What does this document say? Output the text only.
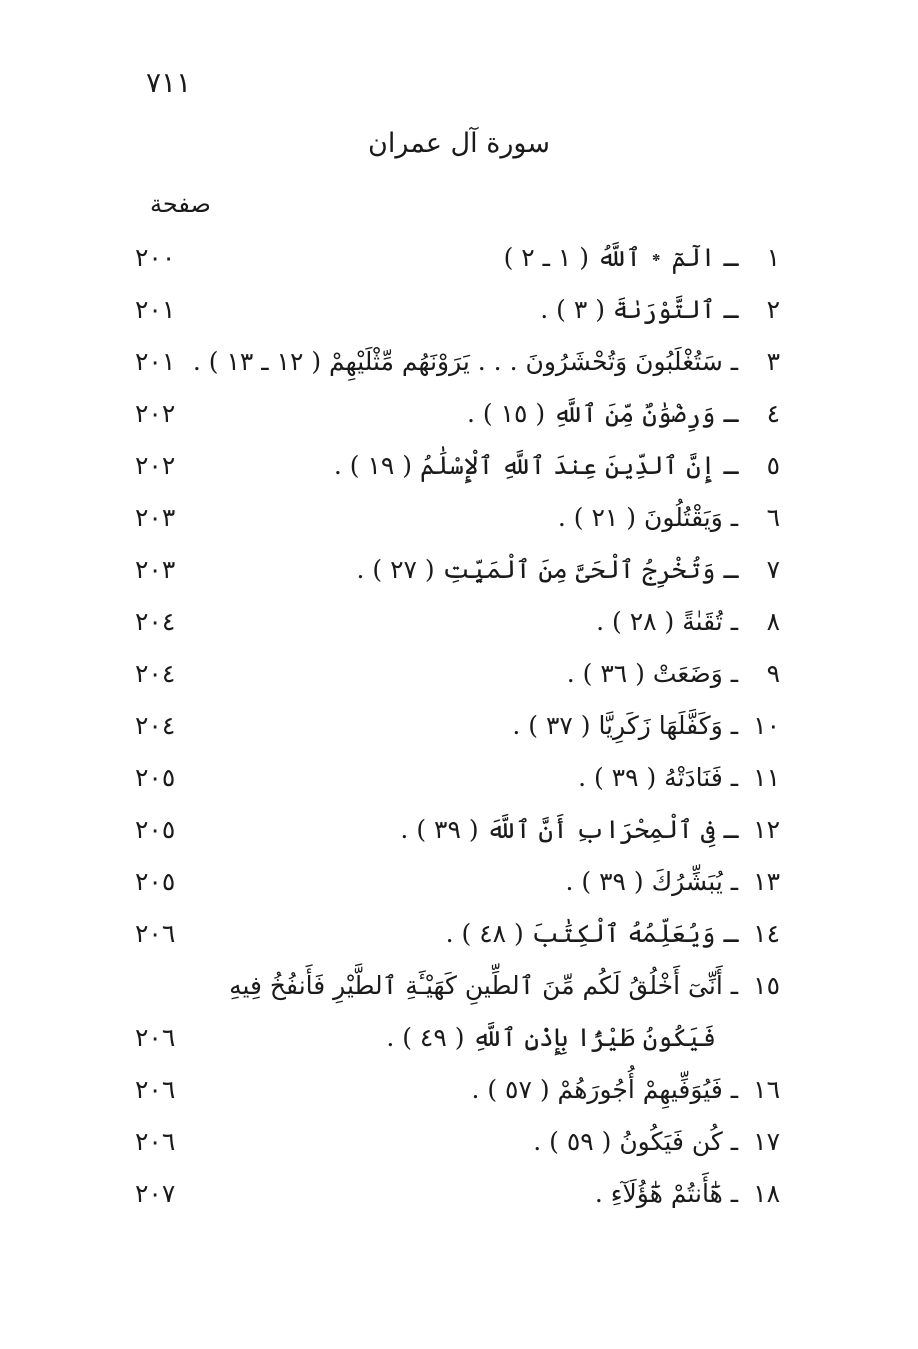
٧١١
سورة آل عمران
صفحة
١ ـ الٓمٓ ٭ ٱللَّهُ ( ١ ـ ٢ )
٢٠٠
٢ ـ ٱلتَّوْرَىٰةَ ( ٣ ) .
٢٠١
٣ ـ سَتُغْلَبُونَ وَتُحْشَرُونَ . . . يَرَوْنَهُم مِّثْلَيْهِمْ ( ١٢ ـ ١٣ ) .
٢٠١
٤ ـ وَرِضْوَٰنٌ مِّنَ ٱللَّهِ ( ١٥ ) .
٢٠٢
٥ ـ إِنَّ ٱلدِّينَ عِندَ ٱللَّهِ ٱلْإِسْلَٰمُ ( ١٩ ) .
٢٠٢
٦ ـ وَيَقْتُلُونَ ( ٢١ ) .
٢٠٣
٧ ـ وَتُخْرِجُ ٱلْحَىَّ مِنَ ٱلْمَيِّتِ ( ٢٧ ) .
٢٠٣
٨ ـ تُقَىٰةً ( ٢٨ ) .
٢٠٤
٩ ـ وَضَعَتْ ( ٣٦ ) .
٢٠٤
١٠ ـ وَكَفَّلَهَا زَكَرِيَّا ( ٣٧ ) .
٢٠٤
١١ ـ فَنَادَتْهُ ( ٣٩ ) .
٢٠٥
١٢ ـ فِى ٱلْمِحْرَابِ أَنَّ ٱللَّهَ ( ٣٩ ) .
٢٠٥
١٣ ـ يُبَشِّرُكَ ( ٣٩ ) .
٢٠٥
١٤ ـ وَيُعَلِّمُهُ ٱلْكِتَٰبَ ( ٤٨ ) .
٢٠٦
١٥ ـ أَنِّىٓ أَخْلُقُ لَكُم مِّنَ ٱلطِّينِ كَهَيْـَٔةِ ٱلطَّيْرِ فَأَنفُخُ فِيهِ
فَيَكُونُ طَيْرًۢا بِإِذْنِ ٱللَّهِ ( ٤٩ ) .
٢٠٦
١٦ ـ فَيُوَفِّيهِمْ أُجُورَهُمْ ( ٥٧ ) .
٢٠٦
١٧ ـ كُن فَيَكُونُ ( ٥٩ ) .
٢٠٦
١٨ ـ هَٰٓأَنتُمْ هَٰٓؤُلَآءِ .
٢٠٧
